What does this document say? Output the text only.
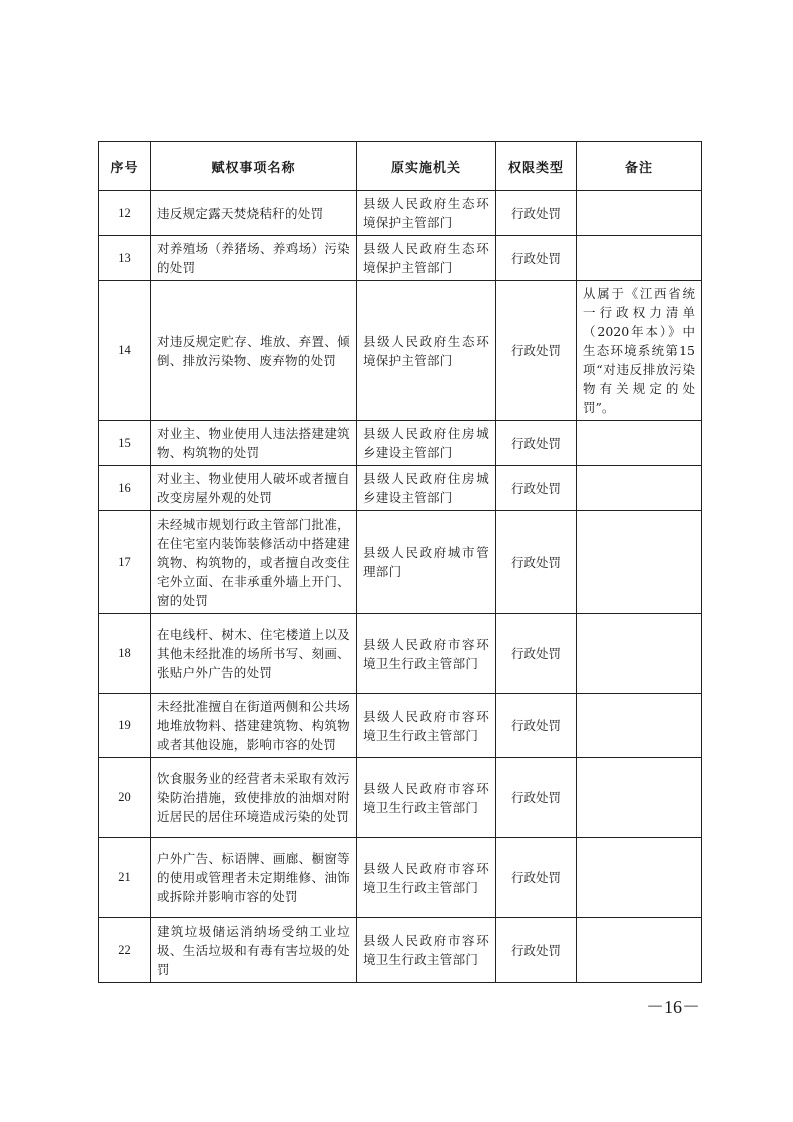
序号	赋权事项名称	原实施机关	权限类型	备注
12	违反规定露天焚烧秸秆的处罚	县级人民政府生态环境保护主管部门	行政处罚	
13	对养殖场（养猪场、养鸡场）污染的处罚	县级人民政府生态环境保护主管部门	行政处罚	
14	对违反规定贮存、堆放、弃置、倾倒、排放污染物、废弃物的处罚	县级人民政府生态环境保护主管部门	行政处罚	从属于《江西省统一行政权力清单（2020年本）》中生态环境系统第15项“对违反排放污染物有关规定的处罚”。
15	对业主、物业使用人违法搭建建筑物、构筑物的处罚	县级人民政府住房城乡建设主管部门	行政处罚	
16	对业主、物业使用人破坏或者擅自改变房屋外观的处罚	县级人民政府住房城乡建设主管部门	行政处罚	
17	未经城市规划行政主管部门批准，在住宅室内装饰装修活动中搭建建筑物、构筑物的，或者擅自改变住宅外立面、在非承重外墙上开门、窗的处罚	县级人民政府城市管理部门	行政处罚	
18	在电线杆、树木、住宅楼道上以及其他未经批准的场所书写、刻画、张贴户外广告的处罚	县级人民政府市容环境卫生行政主管部门	行政处罚	
19	未经批准擅自在街道两侧和公共场地堆放物料、搭建建筑物、构筑物或者其他设施，影响市容的处罚	县级人民政府市容环境卫生行政主管部门	行政处罚	
20	饮食服务业的经营者未采取有效污染防治措施，致使排放的油烟对附近居民的居住环境造成污染的处罚	县级人民政府市容环境卫生行政主管部门	行政处罚	
21	户外广告、标语牌、画廊、橱窗等的使用或管理者未定期维修、油饰或拆除并影响市容的处罚	县级人民政府市容环境卫生行政主管部门	行政处罚	
22	建筑垃圾储运消纳场受纳工业垃圾、生活垃圾和有毒有害垃圾的处罚	县级人民政府市容环境卫生行政主管部门	行政处罚	
－16－
